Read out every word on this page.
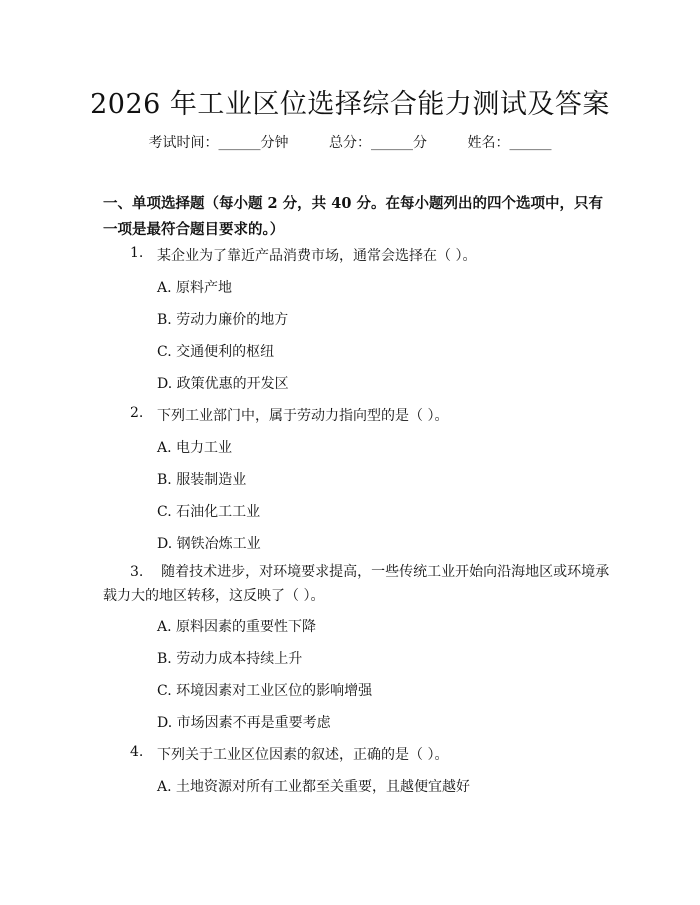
2026 年工业区位选择综合能力测试及答案
考试时间：______分钟	总分：______分	姓名：______
一、单项选择题（每小题 2 分，共 40 分。在每小题列出的四个选项中，只有一项是最符合题目要求的。）
1. 某企业为了靠近产品消费市场，通常会选择在（ ）。
A. 原料产地
B. 劳动力廉价的地方
C. 交通便利的枢纽
D. 政策优惠的开发区
2. 下列工业部门中，属于劳动力指向型的是（ ）。
A. 电力工业
B. 服装制造业
C. 石油化工工业
D. 钢铁冶炼工业
3. 随着技术进步，对环境要求提高，一些传统工业开始向沿海地区或环境承载力大的地区转移，这反映了（ ）。
A. 原料因素的重要性下降
B. 劳动力成本持续上升
C. 环境因素对工业区位的影响增强
D. 市场因素不再是重要考虑
4. 下列关于工业区位因素的叙述，正确的是（ ）。
A. 土地资源对所有工业都至关重要，且越便宜越好
